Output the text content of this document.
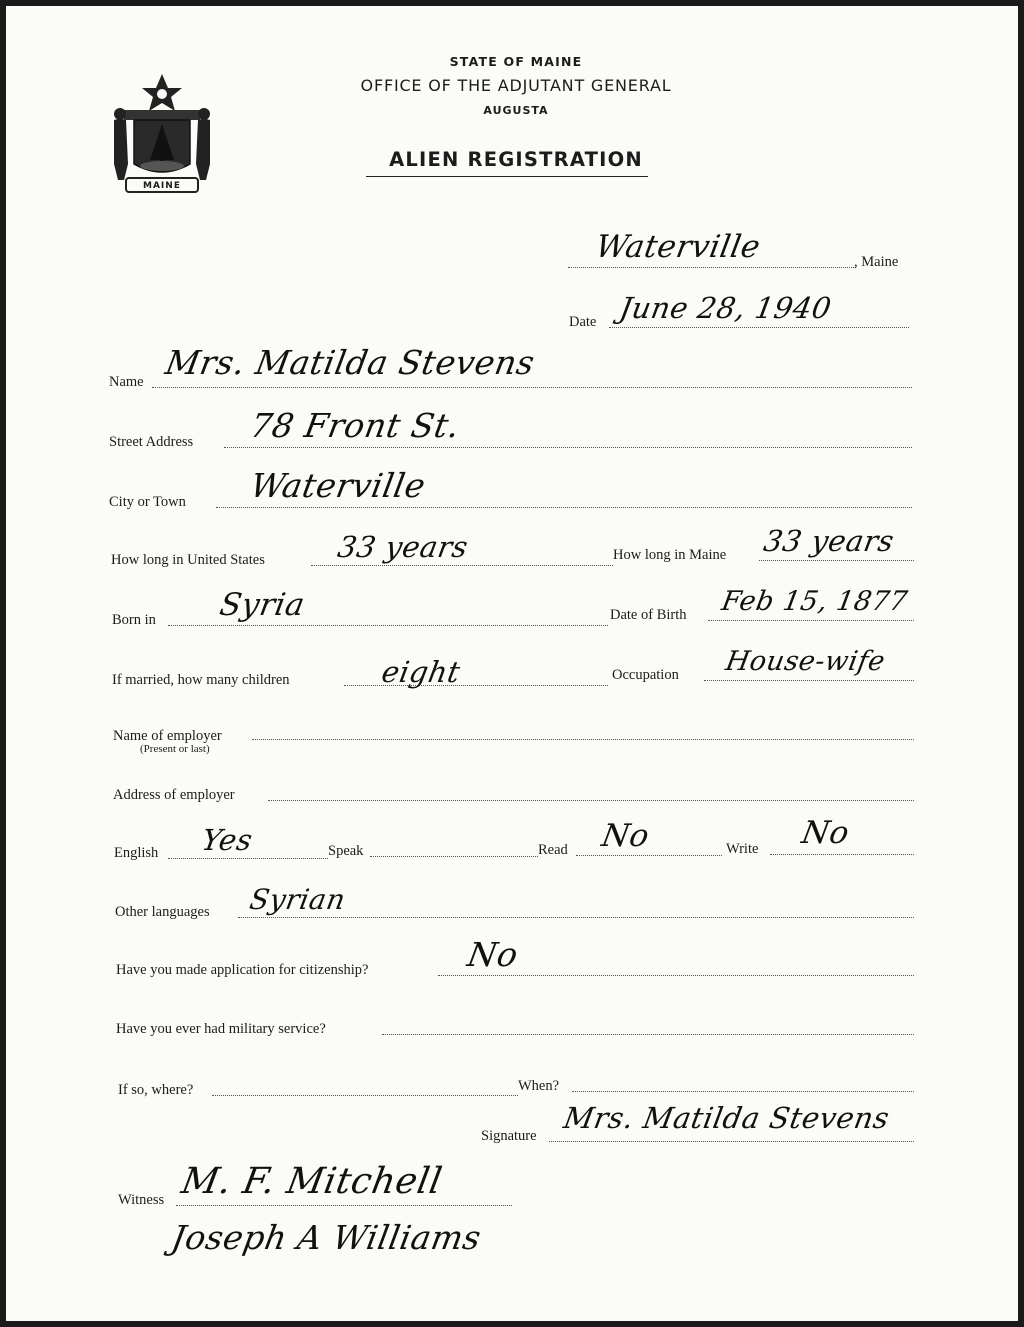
MAINE
STATE OF MAINE
OFFICE OF THE ADJUTANT GENERAL
AUGUSTA
ALIEN REGISTRATION
Waterville	, Maine
Date June 28, 1940
Name Mrs. Matilda Stevens
Street Address 78 Front St.
City or Town Waterville
How long in United States 33 years	How long in Maine 33 years
Born in Syria	Date of Birth Feb 15, 1877
If married, how many children	eight	Occupation House-wife
Name of employer
(Present or last)
Address of employer
English Yes	Speak	Read No	Write No
Other languages Syrian
Have you made application for citizenship?	No
Have you ever had military service?
If so, where?	When?
Signature
Mrs. Matilda Stevens
Witness M. F. Mitchell
Joseph A Williams
